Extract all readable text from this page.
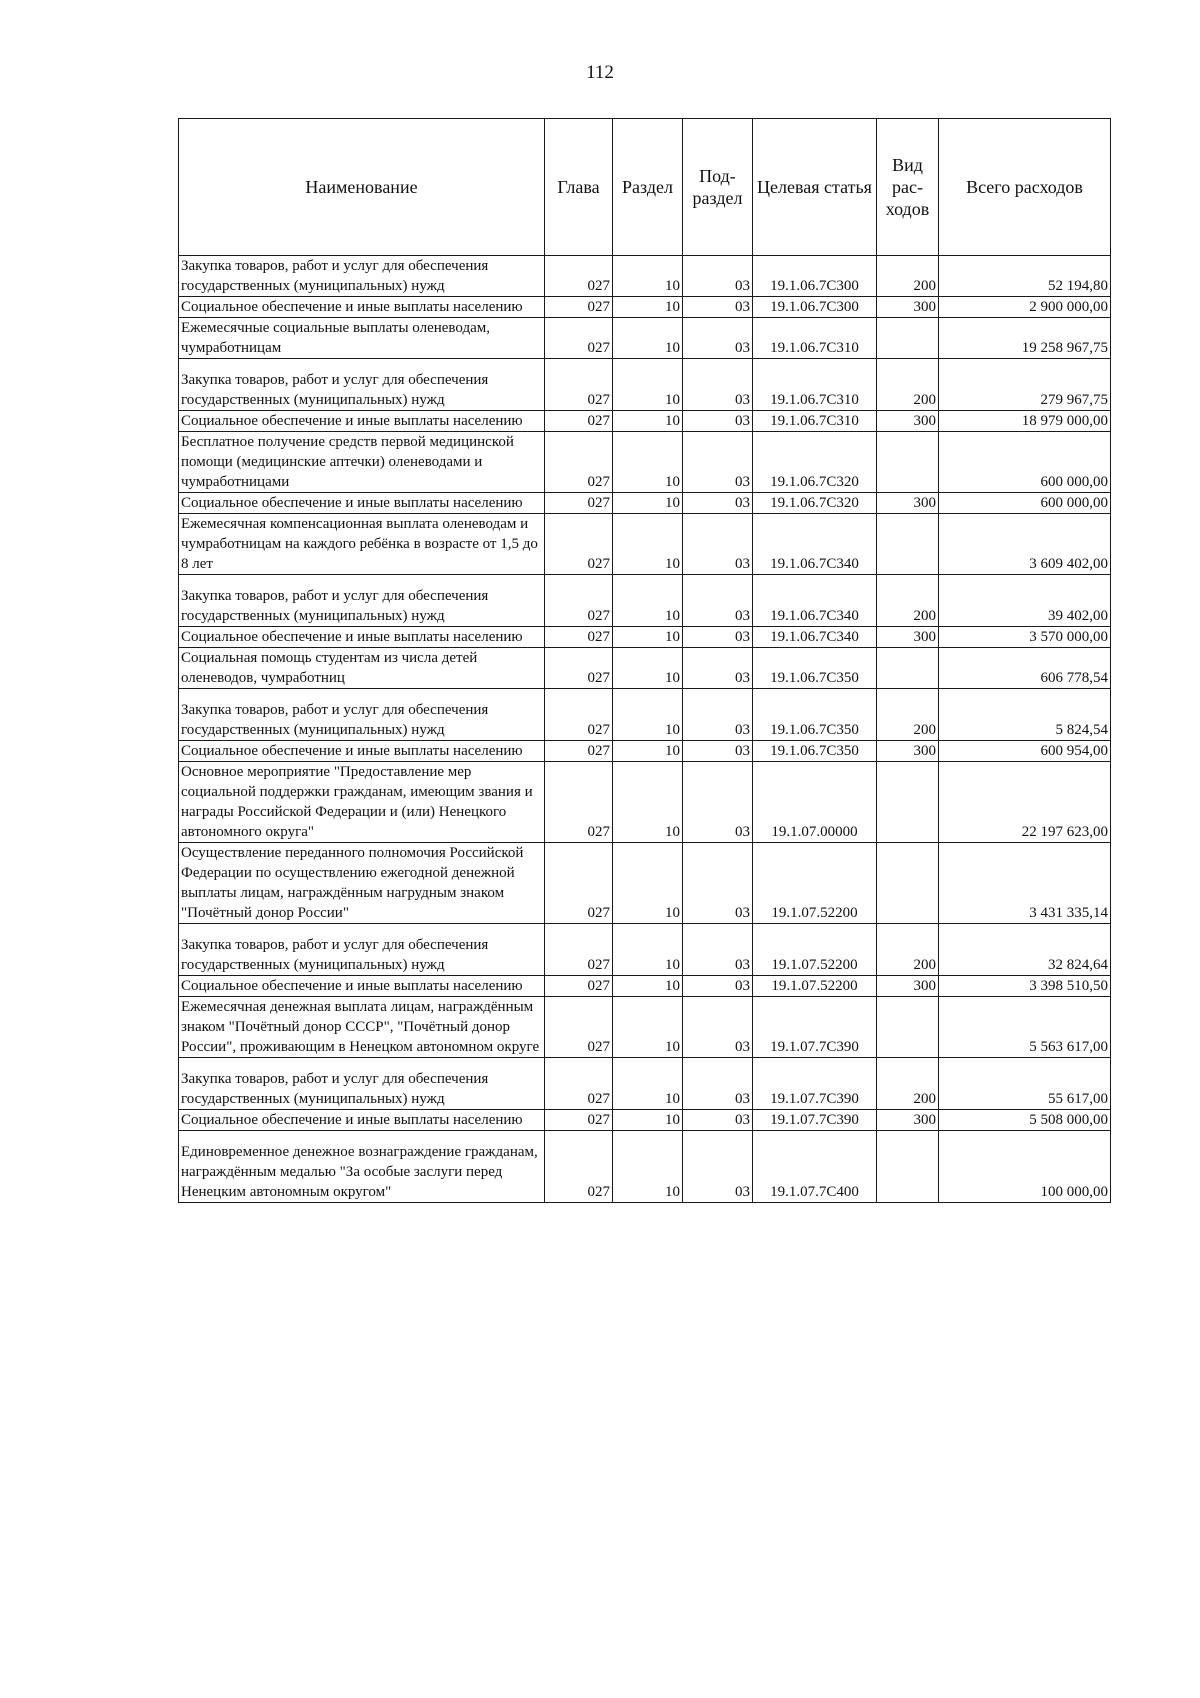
112
Наименование	Глава	Раздел	Под-раздел	Целевая статья	Вид рас-ходов	Всего расходов
Закупка товаров, работ и услуг для обеспечения государственных (муниципальных) нужд	027	10	03	19.1.06.7С300	200	52 194,80
Социальное обеспечение и иные выплаты населению	027	10	03	19.1.06.7С300	300	2 900 000,00
Ежемесячные социальные выплаты оленеводам, чумработницам	027	10	03	19.1.06.7С310		19 258 967,75

Закупка товаров, работ и услуг для обеспечения государственных (муниципальных) нужд	027	10	03	19.1.06.7С310	200	279 967,75
Социальное обеспечение и иные выплаты населению	027	10	03	19.1.06.7С310	300	18 979 000,00
Бесплатное получение средств первой медицинской помощи (медицинские аптечки) оленеводами и чумработницами	027	10	03	19.1.06.7С320		600 000,00
Социальное обеспечение и иные выплаты населению	027	10	03	19.1.06.7С320	300	600 000,00
Ежемесячная компенсационная выплата оленеводам и чумработницам на каждого ребёнка в возрасте от 1,5 до 8 лет	027	10	03	19.1.06.7С340		3 609 402,00

Закупка товаров, работ и услуг для обеспечения государственных (муниципальных) нужд	027	10	03	19.1.06.7С340	200	39 402,00
Социальное обеспечение и иные выплаты населению	027	10	03	19.1.06.7С340	300	3 570 000,00
Социальная помощь студентам из числа детей оленеводов, чумработниц	027	10	03	19.1.06.7С350		606 778,54

Закупка товаров, работ и услуг для обеспечения государственных (муниципальных) нужд	027	10	03	19.1.06.7С350	200	5 824,54
Социальное обеспечение и иные выплаты населению	027	10	03	19.1.06.7С350	300	600 954,00
Основное мероприятие "Предоставление мер социальной поддержки гражданам, имеющим звания и награды Российской Федерации и (или) Ненецкого автономного округа"	027	10	03	19.1.07.00000		22 197 623,00
Осуществление переданного полномочия Российской Федерации по осуществлению ежегодной денежной выплаты лицам, награждённым нагрудным знаком "Почётный донор России"	027	10	03	19.1.07.52200		3 431 335,14

Закупка товаров, работ и услуг для обеспечения государственных (муниципальных) нужд	027	10	03	19.1.07.52200	200	32 824,64
Социальное обеспечение и иные выплаты населению	027	10	03	19.1.07.52200	300	3 398 510,50
Ежемесячная денежная выплата лицам, награждённым знаком "Почётный донор СССР", "Почётный донор России", проживающим в Ненецком автономном округе	027	10	03	19.1.07.7С390		5 563 617,00

Закупка товаров, работ и услуг для обеспечения государственных (муниципальных) нужд	027	10	03	19.1.07.7С390	200	55 617,00
Социальное обеспечение и иные выплаты населению	027	10	03	19.1.07.7С390	300	5 508 000,00

Единовременное денежное вознаграждение гражданам, награждённым медалью "За особые заслуги перед Ненецким автономным округом"	027	10	03	19.1.07.7С400		100 000,00
